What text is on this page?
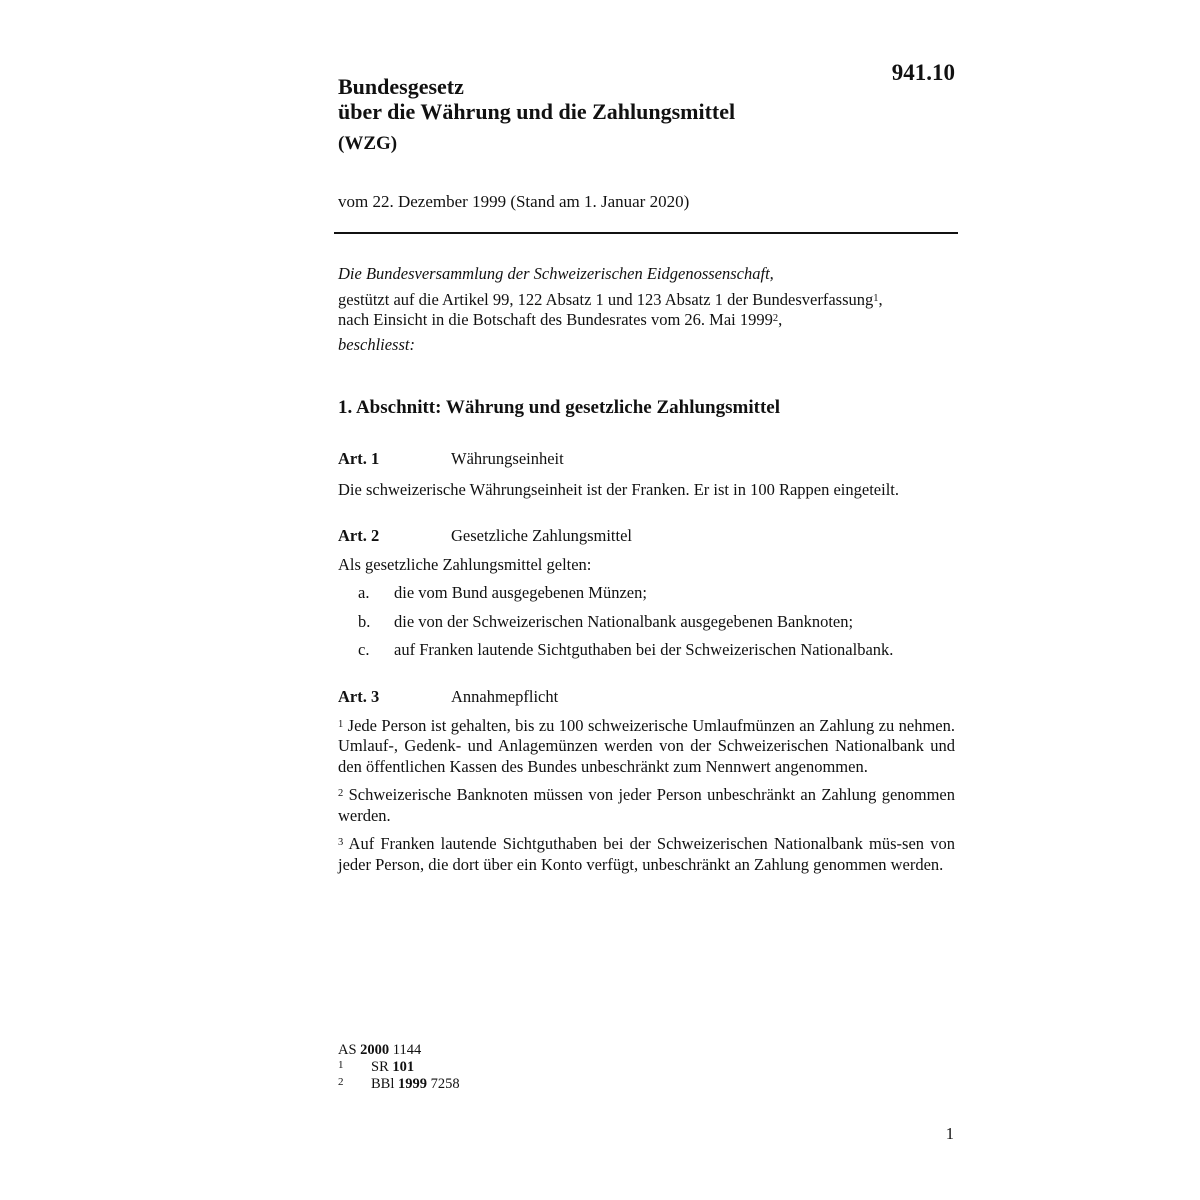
941.10
Bundesgesetz
über die Währung und die Zahlungsmittel
(WZG)
vom 22. Dezember 1999 (Stand am 1. Januar 2020)
Die Bundesversammlung der Schweizerischen Eidgenossenschaft,
gestützt auf die Artikel 99, 122 Absatz 1 und 123 Absatz 1 der Bundesverfassung$^1$,
nach Einsicht in die Botschaft des Bundesrates vom 26. Mai 1999$^2$,
beschliesst:
1. Abschnitt: Währung und gesetzliche Zahlungsmittel
Art. 1	Währungseinheit
Die schweizerische Währungseinheit ist der Franken. Er ist in 100 Rappen eingeteilt.
Art. 2	Gesetzliche Zahlungsmittel
Als gesetzliche Zahlungsmittel gelten:
a.	die vom Bund ausgegebenen Münzen;
b.	die von der Schweizerischen Nationalbank ausgegebenen Banknoten;
c.	auf Franken lautende Sichtguthaben bei der Schweizerischen Nationalbank.
Art. 3	Annahmepflicht
$^1$ Jede Person ist gehalten, bis zu 100 schweizerische Umlaufmünzen an Zahlung zu nehmen. Umlauf-, Gedenk- und Anlagemünzen werden von der Schweizerischen Nationalbank und den öffentlichen Kassen des Bundes unbeschränkt zum Nennwert angenommen.
$^2$ Schweizerische Banknoten müssen von jeder Person unbeschränkt an Zahlung genommen werden.
$^3$ Auf Franken lautende Sichtguthaben bei der Schweizerischen Nationalbank müs-sen von jeder Person, die dort über ein Konto verfügt, unbeschränkt an Zahlung genommen werden.
AS 2000 1144
1	SR 101
2	BBl 1999 7258
1
